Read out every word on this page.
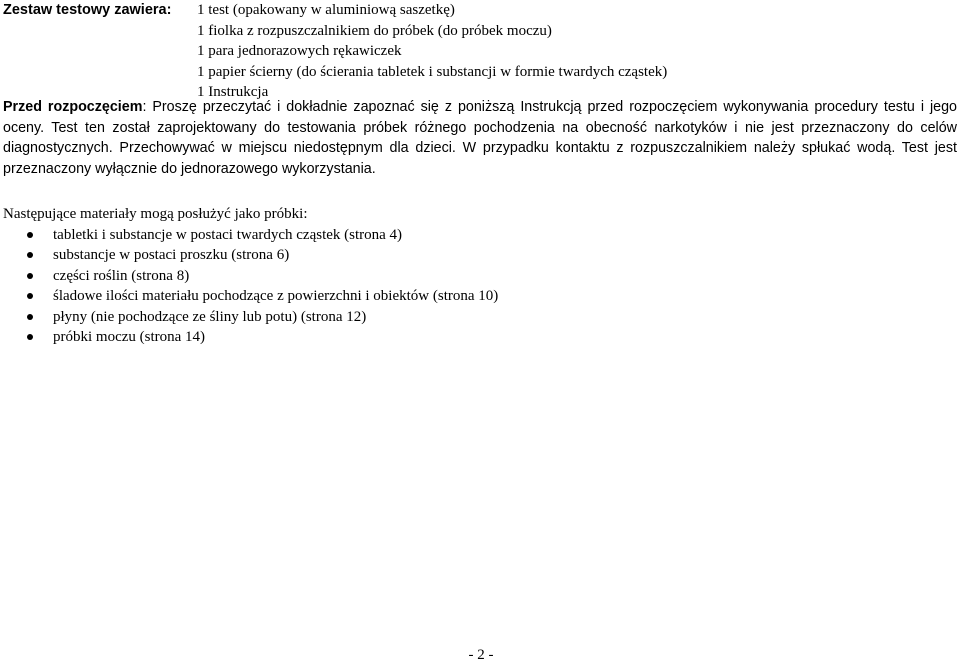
Zestaw testowy zawiera: 1 test (opakowany w aluminiową saszetkę)
1 fiolka z rozpuszczalnikiem do próbek (do próbek moczu)
1 para jednorazowych rękawiczek
1 papier ścierny (do ścierania tabletek i substancji w formie twardych cząstek)
1 Instrukcja
Przed rozpoczęciem: Proszę przeczytać i dokładnie zapoznać się z poniższą Instrukcją przed rozpoczęciem wykonywania procedury testu i jego oceny. Test ten został zaprojektowany do testowania próbek różnego pochodzenia na obecność narkotyków i nie jest przeznaczony do celów diagnostycznych. Przechowywać w miejscu niedostępnym dla dzieci. W przypadku kontaktu z rozpuszczalnikiem należy spłukać wodą. Test jest przeznaczony wyłącznie do jednorazowego wykorzystania.
Następujące materiały mogą posłużyć jako próbki:
tabletki i substancje w postaci twardych cząstek (strona 4)
substancje w postaci proszku (strona 6)
części roślin (strona 8)
śladowe ilości materiału pochodzące z powierzchni i obiektów (strona 10)
płyny (nie pochodzące ze śliny lub potu) (strona 12)
próbki moczu (strona 14)
- 2 -
